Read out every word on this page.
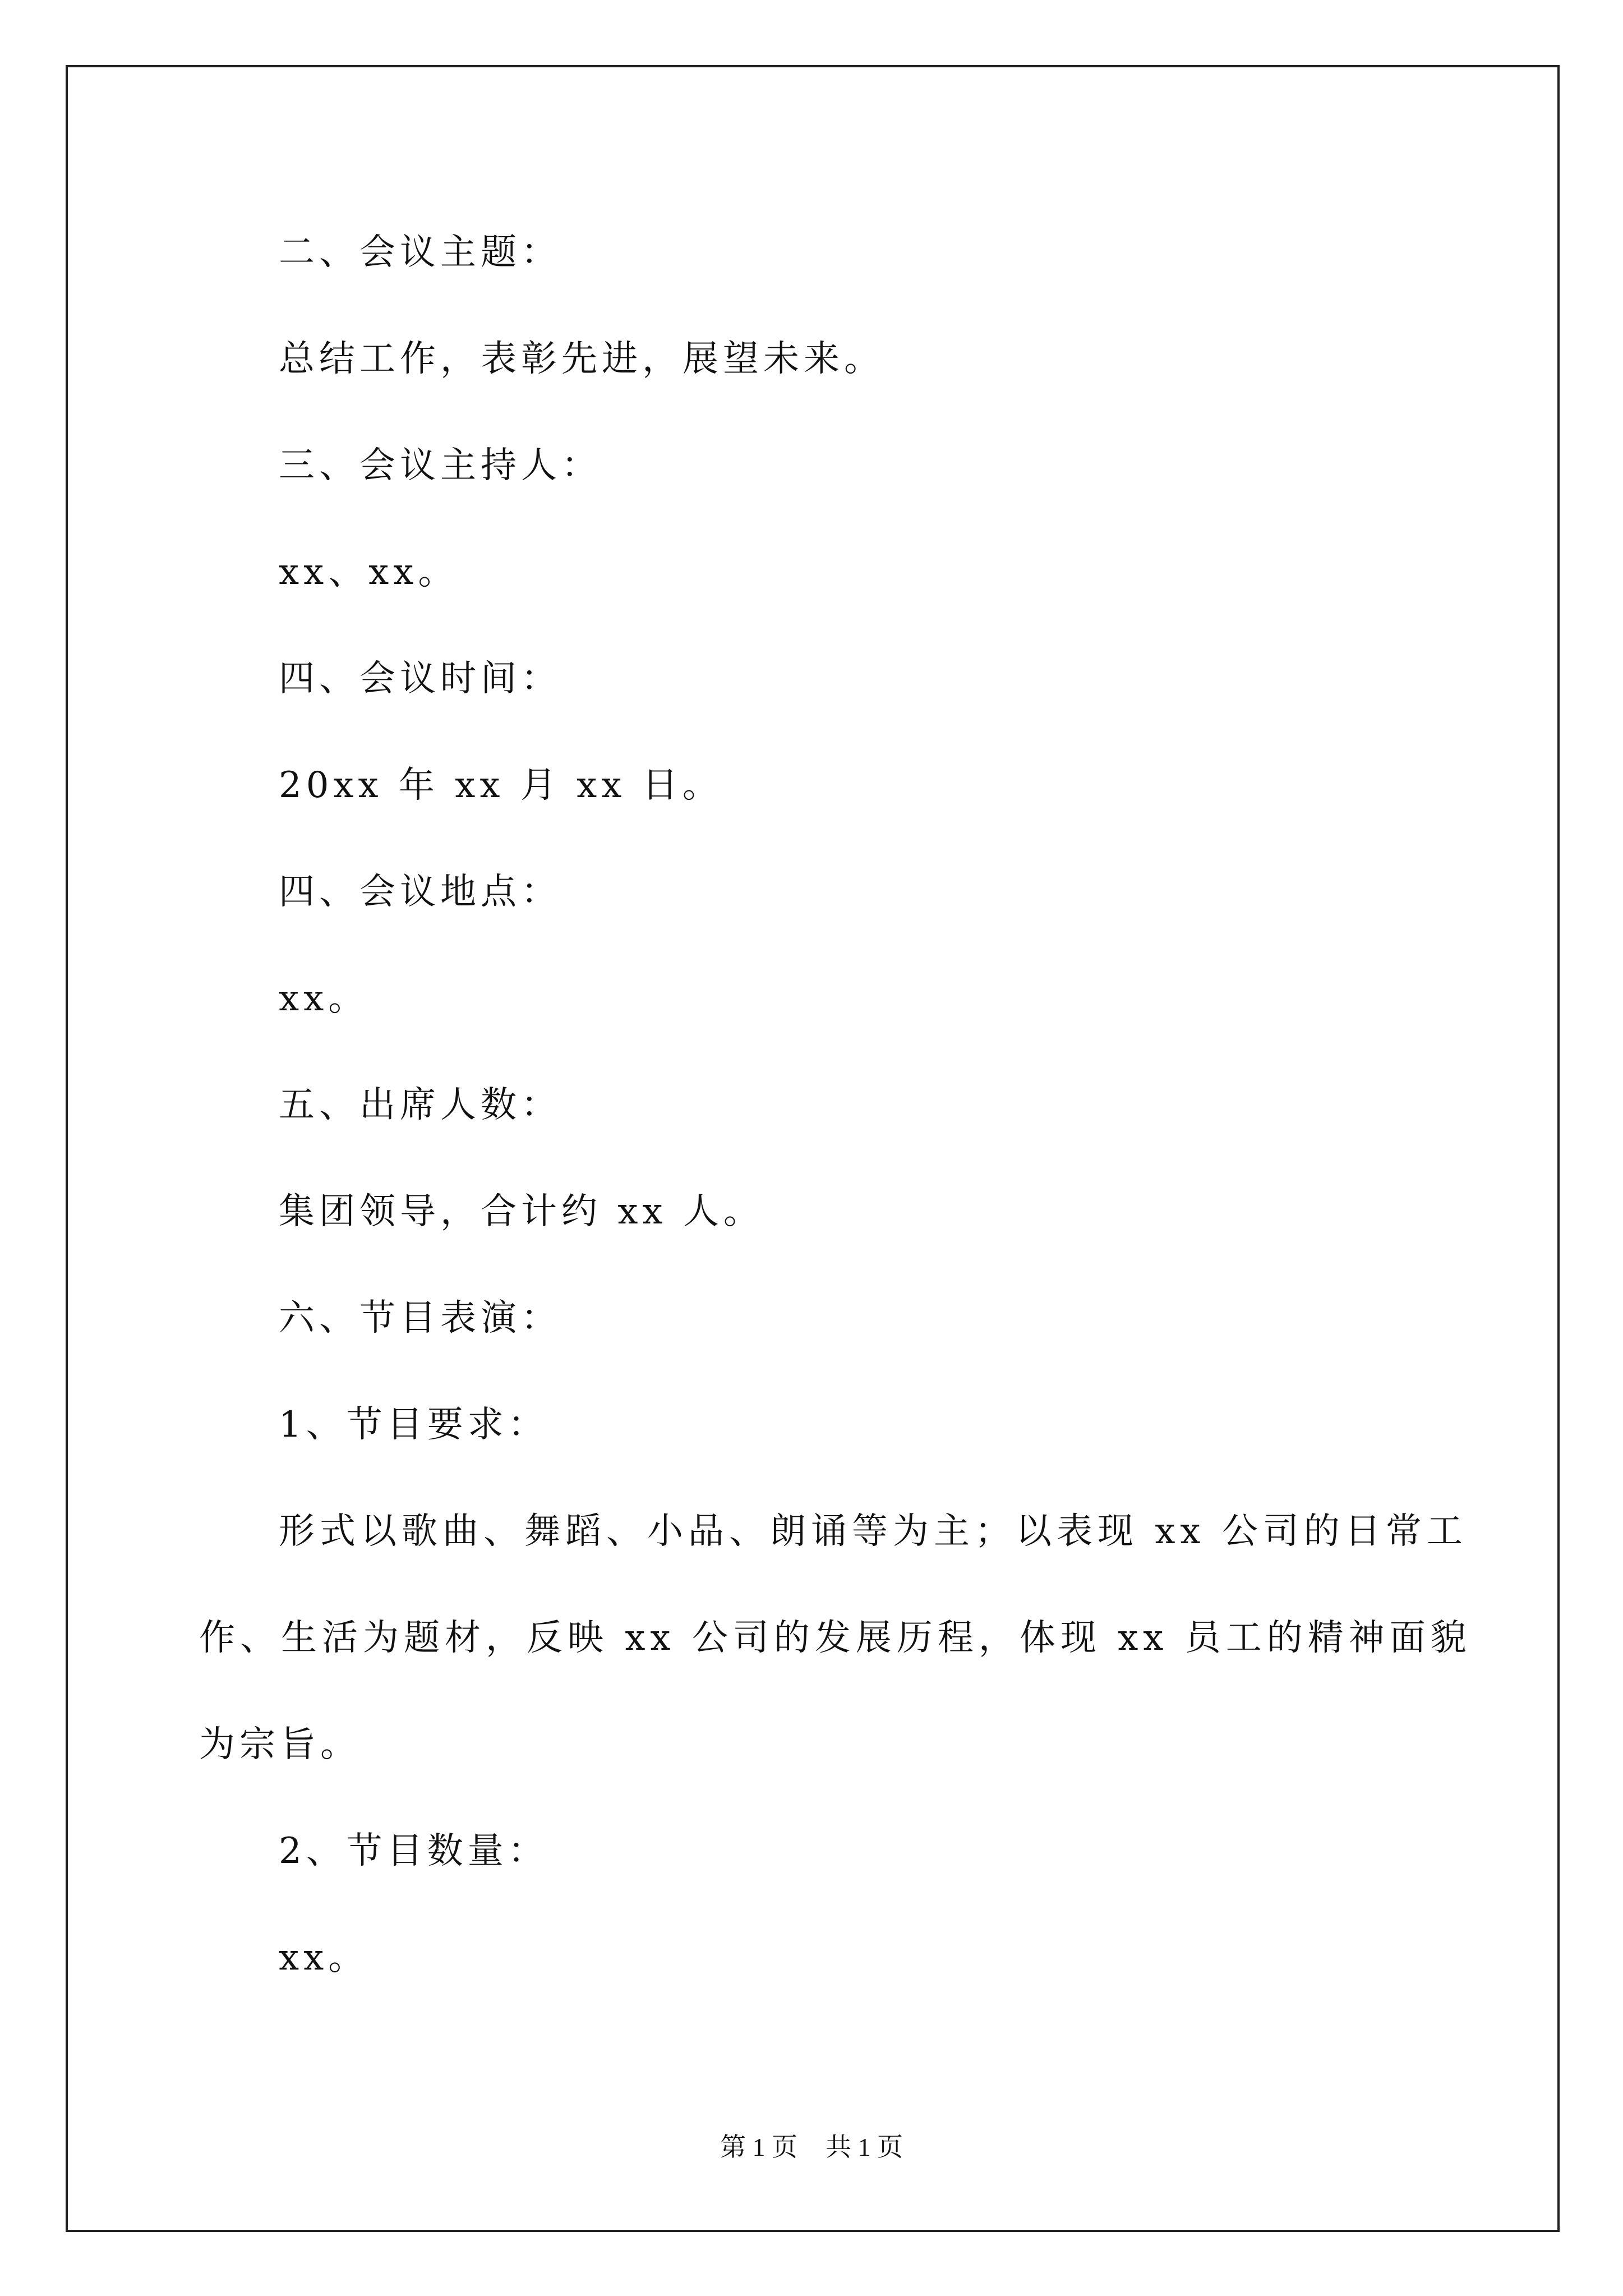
二、会议主题：

总结工作，表彰先进，展望未来。

三、会议主持人：

xx、xx。

四、会议时间：

20xx 年 xx 月 xx 日。

四、会议地点：

xx。

五、出席人数：

集团领导，合计约 xx 人。

六、节目表演：

1、节目要求：

形式以歌曲、舞蹈、小品、朗诵等为主；以表现 xx 公司的日常工

作、生活为题材，反映 xx 公司的发展历程，体现 xx 员工的精神面貌

为宗旨。

2、节目数量：

xx。

第 1 页 共 1 页
